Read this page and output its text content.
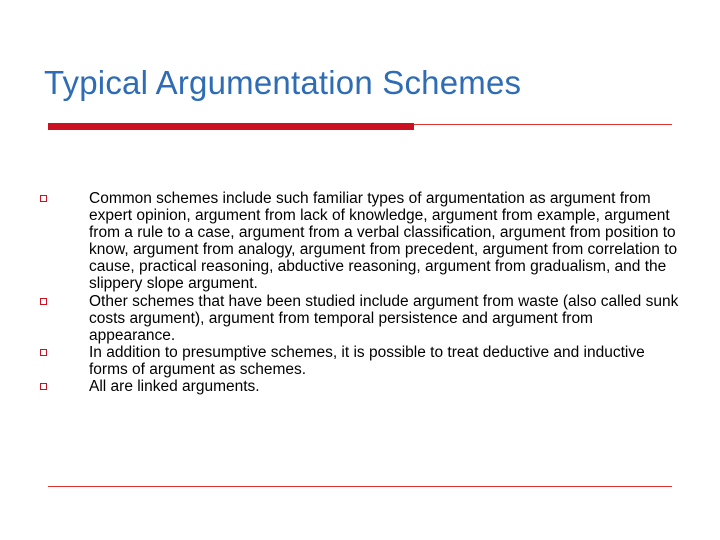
Typical Argumentation Schemes
Common schemes include such familiar types of argumentation as argument from expert opinion, argument from lack of knowledge, argument from example, argument from a rule to a case, argument from a verbal classification, argument from position to know, argument from analogy, argument from precedent, argument from correlation to cause, practical reasoning, abductive reasoning, argument from gradualism, and the slippery slope argument.
Other schemes that have been studied include argument from waste (also called sunk costs argument), argument from temporal persistence and argument from appearance.
In addition to presumptive schemes, it is possible to treat deductive and inductive forms of argument as schemes.
All are linked arguments.
